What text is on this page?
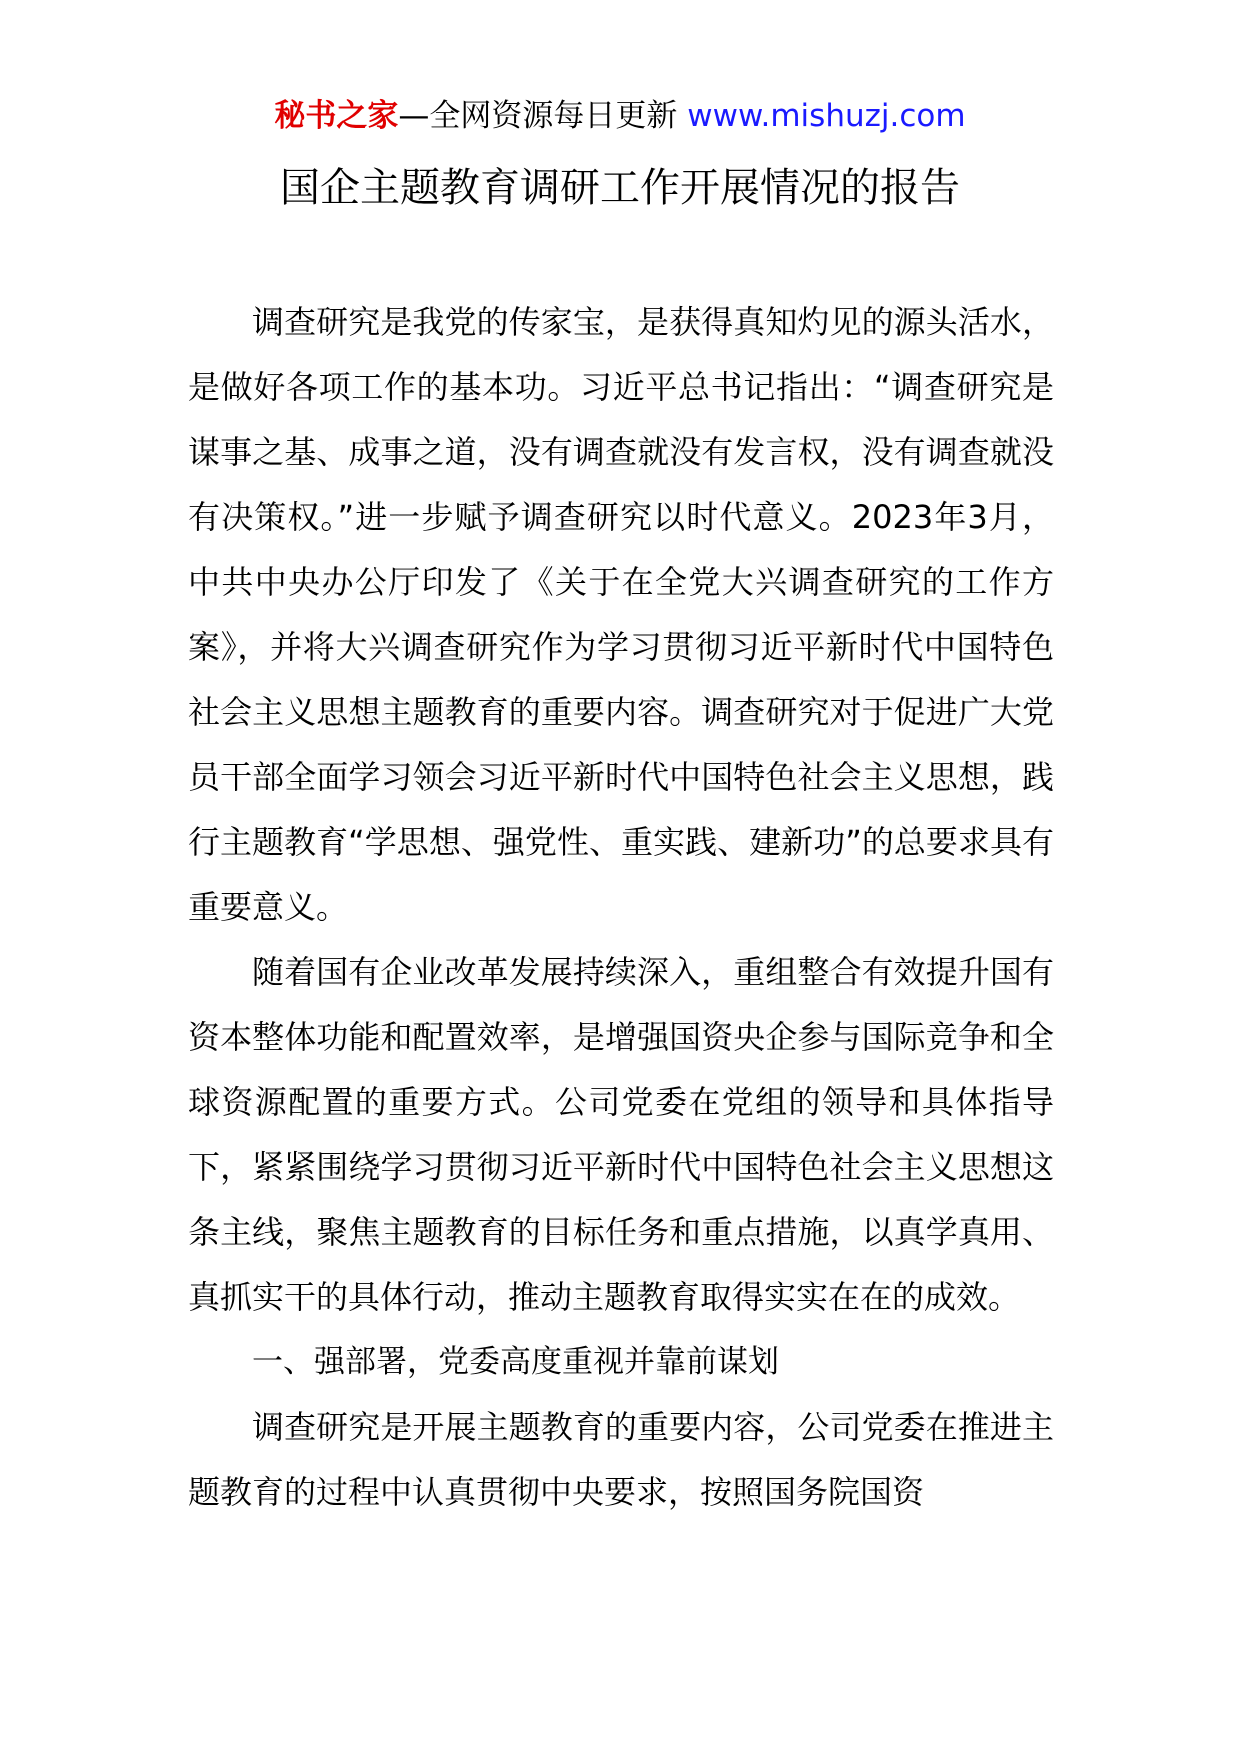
秘书之家—全网资源每日更新 www.mishuzj.com
国企主题教育调研工作开展情况的报告

调查研究是我党的传家宝，是获得真知灼见的源头活水，是做好各项工作的基本功。习近平总书记指出：“调查研究是谋事之基、成事之道，没有调查就没有发言权，没有调查就没有决策权。”进一步赋予调查研究以时代意义。2023年3月，中共中央办公厅印发了《关于在全党大兴调查研究的工作方案》，并将大兴调查研究作为学习贯彻习近平新时代中国特色社会主义思想主题教育的重要内容。调查研究对于促进广大党员干部全面学习领会习近平新时代中国特色社会主义思想，践行主题教育“学思想、强党性、重实践、建新功”的总要求具有重要意义。

随着国有企业改革发展持续深入，重组整合有效提升国有资本整体功能和配置效率，是增强国资央企参与国际竞争和全球资源配置的重要方式。公司党委在党组的领导和具体指导下，紧紧围绕学习贯彻习近平新时代中国特色社会主义思想这条主线，聚焦主题教育的目标任务和重点措施，以真学真用、真抓实干的具体行动，推动主题教育取得实实在在的成效。

一、强部署，党委高度重视并靠前谋划

调查研究是开展主题教育的重要内容，公司党委在推进主题教育的过程中认真贯彻中央要求，按照国务院国资
